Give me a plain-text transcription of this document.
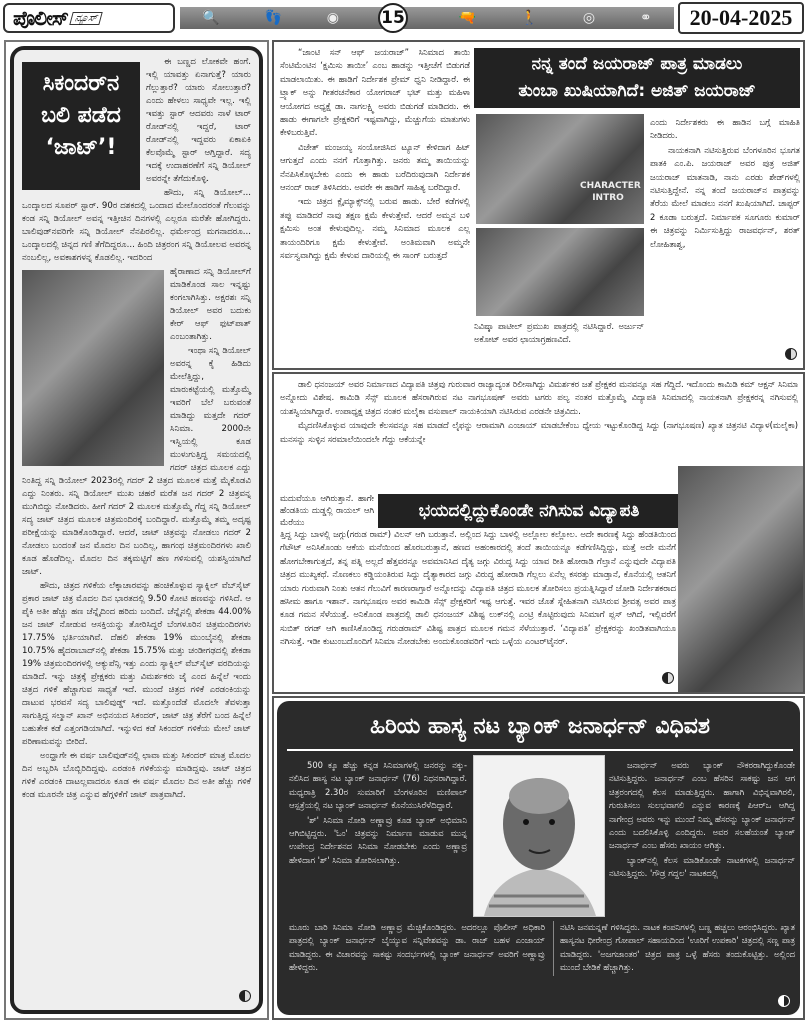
ಪೊಲೀಸ್ ನ್ಯೂಸ್	🔍	👣	◉	🔫	🚶	◎	⚭
15	20-04-2025
ಸಿಕಂದರ್‌ನ
ಬಲಿ ಪಡೆದ
‘ಜಾಟ್’!

ಈ ಬಣ್ಣದ ಲೋಕವೇ ಹಂಗೆ. ಇಲ್ಲಿ ಯಾವತ್ತು ಏನಾಗುತ್ತೆ? ಯಾರು ಗೆಲ್ಲುತ್ತಾರೆ? ಯಾರು ಸೋಲುತ್ತಾರೆ? ಎಂದು ಹೇಳಲು ಸಾಧ್ಯವೇ ಇಲ್ಲ. ಇಲ್ಲಿ ಇವತ್ತು ಸ್ಟಾರ್ ಆದವರು ನಾಳೆ ಟಾರ್ ರೋಡ್‌ನಲ್ಲಿ ಇದ್ದರೆ, ಟಾರ್ ರೋಡ್‌ನಲ್ಲಿ ಇದ್ದವರು ಏಕಾಏಕಿ ಕೆಲವೊಮ್ಮೆ ಸ್ಟಾರ್ ಆಗ್ತಿದ್ದಾರೆ. ಸದ್ಯ ಇದಕ್ಕೆ ಉದಾಹರಣೆಗೆ ಸನ್ನಿ ಡಿಯೋಲ್ ಅವರನ್ನೇ ತೆಗೆದುಕೊಳ್ಳಿ.

ಹೌದು, ಸನ್ನಿ ಡಿಯೋಲ್... ಒಂದ್ಕಾಲದ ಸೂಪರ್ ಸ್ಟಾರ್. 90ರ ದಶಕದಲ್ಲಿ ಒಂದಾದ ಮೇಲೊಂದರಂತೆ ಗೆಲುವನ್ನು ಕಂಡ ಸನ್ನಿ ಡಿಯೋಲ್ ಅವನ್ನ ಇತ್ತೀಚಿನ ದಿನಗಳಲ್ಲಿ ಎಲ್ಲರೂ ಮರೆತೇ ಹೋಗಿದ್ದರು. ಬಾಲಿವುಡ್‌ನವರಿಗೇ ಸನ್ನಿ ಡಿಯೋಲ್ ನೆನಪಿರಲಿಲ್ಲ. ಧರ್ಮೇಂದ್ರ ಮಗನಾದರೂ... ಒಂದ್ಕಾಲದಲ್ಲಿ ಚಿನ್ನದ ಗಣಿ ತೆಗೆದಿದ್ದರೂ... ಹಿಂದಿ ಚಿತ್ರರಂಗ ಸನ್ನಿ ಡಿಯೋಲವ ಅವರನ್ನ ನಂಬಲಿಲ್ಲ, ಅವಕಾಶಗಳನ್ನ ಕೊಡಲಿಲ್ಲ. ಇದರಿಂದ

ಹೈರಾಣಾದ ಸನ್ನಿ ಡಿಯೋಲ್‌ಗೆ ಮಾಡಿಕೊಂಡ ಸಾಲ ಇನ್ನಷ್ಟು ಕಂಗಲಾಗಿಸಿತ್ತು. ಅಕ್ಷರಶಃ ಸನ್ನಿ ಡಿಯೋಲ್ ಅವರ ಬದುಕು ಕೇರ್ ಆಫ್ ಫುಟ್‌ಪಾತ್ ಎಂಬಂತಾಗಿತ್ತು.

ಇಂಥಾ ಸನ್ನಿ ಡಿಯೋಲ್ ಅವರನ್ನ ಕೈ ಹಿಡಿದು ಮೇಲೆತ್ತಿದ್ದು, ಮಾರುಕಟ್ಟೆಯಲ್ಲಿ ಮತ್ತೊಮ್ಮೆ ಇವರಿಗೆ ಬೆಲೆ ಬರುವಂತೆ ಮಾಡಿದ್ದು ಮತ್ತದೇ ಗದರ್ ಸಿನಿಮಾ. 2000ನೇ ಇಸ್ವಿಯಲ್ಲಿ ಕೂಡ ಮುಳುಗುತ್ತಿದ್ದ ಸಮಯದಲ್ಲಿ ಗದರ್ ಚಿತ್ರದ ಮೂಲಕ ಎದ್ದು ನಿಂತಿದ್ದ ಸನ್ನಿ ಡಿಯೋಲ್ 2023ರಲ್ಲಿ ಗದರ್ 2 ಚಿತ್ರದ ಮೂಲಕ ಮತ್ತೆ ಮೈಕೊಡವಿ ಎದ್ದು ನಿಂತರು. ಸನ್ನಿ ಡಿಯೋಲ್ ಮುಖ ಚಹರೆ ಮರೆತ ಜನ ಗದರ್ 2 ಚಿತ್ರವನ್ನ ಮುಗಿಬಿದ್ದು ನೋಡಿದರು. ಹೀಗೆ ಗದರ್ 2 ಮೂಲಕ ಮತ್ತೊಮ್ಮೆ ಗೆದ್ದ ಸನ್ನಿ ಡಿಯೋಲ್ ಸದ್ಯ ಜಾಟ್ ಚಿತ್ರದ ಮೂಲಕ ಚಿತ್ರಮಂದಿರಕ್ಕೆ ಬಂದಿದ್ದಾರೆ. ಮತ್ತೊಮ್ಮೆ ತಮ್ಮ ಅದೃಷ್ಟ ಪರೀಕ್ಷೆಯನ್ನು ಮಾಡಿಕೊಂಡಿದ್ದಾರೆ. ಆದರೆ, ಜಾಟ್ ಚಿತ್ರವನ್ನು ನೋಡಲು ಗದರ್ 2 ನೋಡಲು ಬಂದಂತೆ ಜನ ಮೊದಲ ದಿನ ಬಂದಿಲ್ಲ, ಹಾಗಂಥ ಚಿತ್ರಮಂದಿರಗಳು ಖಾಲಿ ಕೂಡ ಹೊಡೆದಿಲ್ಲ. ಮೊದಲ ದಿನ ತಕ್ಕಮಟ್ಟಿಗೆ ಹಣ ಗಳಿಸುವಲ್ಲಿ ಯಶಸ್ವಿಯಾಗಿದೆ ಜಾಟ್.

ಹೌದು, ಚಿತ್ರದ ಗಳಿಕೆಯ ಲೆಕ್ಕಾಚಾರವನ್ನು ಹಂಚಿಕೊಳ್ಳುವ ಸ್ಯಾಕ್ನಿಲ್ ವೆಬ್‌ಸೈಟ್ ಪ್ರಕಾರ ಜಾಟ್ ಚಿತ್ರ ಮೊದಲ ದಿನ ಭಾರತದಲ್ಲಿ 9.50 ಕೋಟಿ ಹಣವನ್ನು ಗಳಿಸಿದೆ. ಆ ಪೈಕಿ ಅತೀ ಹೆಚ್ಚು ಹಣ ಚೆನ್ನೈದಿಂದ ಹರಿದು ಬಂದಿದೆ. ಚೆನ್ನೈನಲ್ಲಿ ಶೇಕಡಾ 44.00% ಜನ ಜಾಟ್ ನೋಡುವ ಆಸಕ್ತಿಯನ್ನು ತೋರಿಸಿದ್ದರೆ ಬೆಂಗಳೂರಿನ ಚಿತ್ರಮಂದಿರಗಳು 17.75% ಭರ್ತಿಯಾಗಿವೆ. ದೆಹಲಿ ಶೇಕಡಾ 19% ಮುಂಬೈನಲ್ಲಿ ಶೇಕಡಾ 10.75% ಹೈದರಾಬಾದ್‌ನಲ್ಲಿ ಶೇಕಡಾ 15.75% ಮತ್ತು ಚಂಡೀಗಢದಲ್ಲಿ ಶೇಕಡಾ 19% ಚಿತ್ರಮಂದಿರಗಳಲ್ಲಿ ಆಕ್ಯುಪೆನ್ಸಿ ಇತ್ತು ಎಂದು ಸ್ಯಾಕ್ನಿಲ್ ವೆಬ್‌ಸೈಟ್ ವರದಿಯನ್ನು ಮಾಡಿದೆ. ಇನ್ನು ಚಿತ್ರಕ್ಕೆ ಪ್ರೇಕ್ಷಕರು ಮತ್ತು ವಿಮರ್ಶಕರು ಜೈ ಎಂದ ಹಿನ್ನೆಲೆ ಇಂದು ಚಿತ್ರದ ಗಳಿಕೆ ಹೆಚ್ಚಾಗುವ ಸಾಧ್ಯತೆ ಇದೆ. ಮುಂದೆ ಚಿತ್ರದ ಗಳಿಕೆ ಎರಡಂಕಿಯನ್ನು ದಾಟುವ ಭರವಸೆ ಸದ್ಯ ಬಾಲಿವುಡ್ಡ್ ಇದೆ. ಮತ್ತೊಂದೆಡೆ ಮೊದಲೇ ತೆವಳುತ್ತಾ ಸಾಗುತ್ತಿದ್ದ ಸಲ್ಮಾನ್ ಖಾನ್ ಅಭಿನಯದ ಸಿಕಂದರ್, ಜಾಟ್ ಚಿತ್ರ ತೆರೆಗೆ ಬಂದ ಹಿನ್ನೆಲೆ ಬಹುತೇಕ ಕಡೆ ಎತ್ತಂಗಡಿಯಾಗಿದೆ. ಇನ್ನುಳಿದ ಕಡೆ ಸಿಕಂದರ್ ಗಳಿಕೆಯ ಮೇಲೆ ಜಾಟ್ ಪರಿಣಾಮವನ್ನು ಬೀರಿದೆ.

ಅಂದ್ಹಾಗೇ ಈ ವರ್ಷ ಬಾಲಿವುಡ್‌ನಲ್ಲಿ ಛಾವಾ ಮತ್ತು ಸಿಕಂದರ್ ಮಾತ್ರ ಮೊದಲ ದಿನ ಅಬ್ಬರಿಸಿ ಬೊಬ್ಬಿರಿದಿದ್ದವು. ಎರಡಂಕಿ ಗಳಿಕೆಯನ್ನು ಮಾಡಿದ್ದವು. ಜಾಟ್ ಚಿತ್ರದ ಗಳಿಕೆ ಎರಡಂಕಿ ದಾಟಲ್ಲವಾದರೂ ಕೂಡ ಈ ವರ್ಷ ಮೊದಲ ದಿನ ಅತೀ ಹೆಚ್ಚು ಗಳಿಕೆ ಕಂಡ ಮೂರನೇ ಚಿತ್ರ ಎನ್ನುವ ಹೆಗ್ಗಳಿಕೆಗೆ ಜಾಟ್ ಪಾತ್ರವಾಗಿದೆ.

“ಜಾಂಟಿ ಸನ್ ಆಫ್ ಜಯರಾಜ್” ಸಿನಿಮಾದ ತಾಯಿ ಸೆಂಟಿಮೆಂಟಿನ ‘ಕ್ಷಮಿಸು ತಾಯೀ’ ಎಂಬ ಹಾಡನ್ನು ಇತ್ತೀಚೆಗೆ ಬಿಡುಗಡೆ ಮಾಡಲಾಯಿತು. ಈ ಹಾಡಿಗೆ ನಿರ್ದೇಶಕ ಪ್ರೇಮ್ ಧ್ವನಿ ನೀಡಿದ್ದಾರೆ. ಈ ಟ್ರ್ಯಾಕ್ ಅನ್ನು ಗೀತರಚನೆಕಾರ ಯೋಗರಾಜ್ ಭಟ್ ಮತ್ತು ಮಹಿಳಾ ಆಯೋಗದ ಅಧ್ಯಕ್ಷೆ ಡಾ. ನಾಗಲಕ್ಷ್ಮಿ ಅವರು ಬಿಡುಗಡೆ ಮಾಡಿದರು. ಈ ಹಾಡು ಈಗಾಗಲೇ ಪ್ರೇಕ್ಷಕರಿಗೆ ಇಷ್ಟವಾಗಿದ್ದು, ಮೆಚ್ಚುಗೆಯ ಮಾತುಗಳು ಕೇಳಿಬರುತ್ತಿವೆ.

ವಿಜೇತ್ ಮಂಜಯ್ಯ ಸಂಯೋಜಿಸಿದ ಟ್ಯೂನ್ ಕೇಳಿದಾಗ ಹಿಟ್ ಆಗುತ್ತದೆ ಎಂದು ನನಗೆ ಗೊತ್ತಾಗಿತ್ತು. ಜನರು ತಮ್ಮ ತಾಯಿಯನ್ನು ನೆನಪಿಸಿಕೊಳ್ಳಬೇಕು ಎಂದು ಈ ಹಾಡು ಬರೆದಿರುವುದಾಗಿ ನಿರ್ದೇಶಕ ಆನಂದ್ ರಾಜ್ ತಿಳಿಸಿದರು. ಅವರೇ ಈ ಹಾಡಿಗೆ ಸಾಹಿತ್ಯ ಬರೆದಿದ್ದಾರೆ.

ಇದು ಚಿತ್ರದ ಕ್ಲೈಮ್ಯಾಕ್ಸ್‌ನಲ್ಲಿ ಬರುವ ಹಾಡು. ಬೇರೆ ಕಡೆಗಳಲ್ಲಿ ತಪ್ಪು ಮಾಡಿದರೆ ನಾವು ತಕ್ಷಣ ಕ್ಷಮೆ ಕೇಳುತ್ತೇವೆ. ಆದರೆ ಅಮ್ಮನ ಬಳಿ ಕ್ಷಮಿಸು ಅಂತ ಕೇಳುವುದಿಲ್ಲ. ನಮ್ಮ ಸಿನಿಮಾದ ಮೂಲಕ ಎಲ್ಲ ತಾಯಂದಿರಿಗೂ ಕ್ಷಮೆ ಕೇಳುತ್ತೇವೆ. ಅಂತಿಮವಾಗಿ ಅಮ್ಮನೇ ಸರ್ವಸ್ವವಾಗಿದ್ದು ಕ್ಷಮೆ ಕೇಳುವ ದಾರಿಯಲ್ಲಿ ಈ ಸಾಂಗ್ ಬರುತ್ತದೆ

ನನ್ನ ತಂದೆ ಜಯರಾಜ್ ಪಾತ್ರ ಮಾಡಲು
ತುಂಬಾ ಖುಷಿಯಾಗಿದೆ: ಅಜಿತ್ ಜಯರಾಜ್
CHARACTER INTRO

ಎಂದು ನಿರ್ದೇಶಕರು ಈ ಹಾಡಿನ ಬಗ್ಗೆ ಮಾಹಿತಿ ನೀಡಿದರು.

ನಾಯಕನಾಗಿ ನಟಿಸುತ್ತಿರುವ ಬೆಂಗಳೂರಿನ ಭೂಗತ ಪಾತಕಿ ಎಂ.ಪಿ. ಜಯರಾಜ್ ಅವರ ಪುತ್ರ ಅಜಿತ್ ಜಯರಾಜ್ ಮಾತನಾಡಿ, ನಾನು ಎರಡು ಶೇಡ್‌ಗಳಲ್ಲಿ ನಟಿಸುತ್ತಿದ್ದೇನೆ. ನನ್ನ ತಂದೆ ಜಯರಾಜ್‌ನ ಪಾತ್ರವನ್ನು ತೆರೆಯ ಮೇಲೆ ಮಾಡಲು ನನಗೆ ಖುಷಿಯಾಗಿದೆ. ಚಾಪ್ಟರ್ 2 ಕೂಡಾ ಬರುತ್ತದೆ. ನಿರ್ಮಾಪಕ ಸೂಗೂರು ಕುಮಾರ್ ಈ ಚಿತ್ರವನ್ನು ನಿರ್ಮಿಸುತ್ತಿದ್ದು ರಾಜವರ್ಧನ್, ಶರತ್ ಲೋಹಿತಾಶ್ವ,

ನಿವಿಷ್ಕಾ ಪಾಟೀಲ್ ಪ್ರಮುಖ ಪಾತ್ರದಲ್ಲಿ ನಟಿಸಿದ್ದಾರೆ. ಅರ್ಜುನ್ ಅಕೋಟ್ ಅವರ ಛಾಯಾಗ್ರಹಣವಿದೆ.

ಡಾಲಿ ಧನಂಜಯ್ ಅವರ ನಿರ್ಮಾಣದ ವಿದ್ಯಾಪತಿ ಚಿತ್ರವು ಗುರುವಾರ ರಾಜ್ಯಾದ್ಯಂತ ರಿಲೀಸಾಗಿದ್ದು ವಿಮರ್ಶಕರ ಜತೆ ಪ್ರೇಕ್ಷಕರ ಮನವನ್ನೂ ಸಹ ಗೆದ್ದಿದೆ. ಇದೊಂದು ಕಾಮಿಡಿ ಕಮ್ ಆಕ್ಷನ್ ಸಿನಿಮಾ ಅನ್ನೋದು ವಿಶೇಷ. ಕಾಮಿಡಿ ಸೆನ್ಸ್ ಮೂಲಕ ಹೆಸರಾಗಿರುವ ನಟ ನಾಗಭೂಷಣ್ ಅವರು ಟಗರು ಪಲ್ಯ ನಂತರ ಮತ್ತೊಮ್ಮೆ ವಿದ್ಯಾಪತಿ ಸಿನಿಮಾದಲ್ಲಿ ನಾಯಕನಾಗಿ ಪ್ರೇಕ್ಷಕರನ್ನ ನಗಿಸುವಲ್ಲಿ ಯಶಸ್ವಿಯಾಗಿದ್ದಾರೆ. ಉಪಾಧ್ಯಕ್ಷ ಚಿತ್ರದ ನಂತರ ಮಲೈಕಾ ವಸುಪಾಲ್ ನಾಯಕಿಯಾಗಿ ನಟಿಸಿರುವ ಎರಡನೇ ಚಿತ್ರವಿದು.

ಮೈದಣಿಸಿಕೊಳ್ಳುವ ಯಾವುದೇ ಕೆಲಸವನ್ನೂ ಸಹ ಮಾಡದೆ ಲೈಫನ್ನು ಆರಾಮಾಗಿ ಎಂಜಾಯ್ ಮಾಡಬೇಕೆಂಬ ಧ್ಯೇಯ ಇಟ್ಟುಕೊಂಡಿದ್ದ ಸಿದ್ದು (ನಾಗಭೂಷಣ) ಖ್ಯಾತ ಚಿತ್ರನಟಿ ವಿದ್ಯಾಳ(ಮಲೈಕಾ) ಮನಸನ್ನು ಸುಳ್ಳಿನ ಸರಮಾಲೆಯಿಂದಲೇ ಗೆದ್ದು ಆಕೆಯನ್ನೇ

ಮದುವೆಯೂ ಆಗಿರುತ್ತಾನೆ. ಹಾಗೇ ಹೆಂಡತಿಯ ದುಡ್ಡಲ್ಲಿ ರಾಯಲ್ ಆಗಿ ಮೆರೆಯು

ಭಯದಲ್ಲಿದ್ದುಕೊಂಡೇ ನಗಿಸುವ ವಿದ್ಯಾಪತಿ

ತ್ತಿದ್ದ ಸಿದ್ದು ಬಾಳಲ್ಲಿ ಜಗ್ಗು(ಗರುಡ ರಾಮ್) ವಿಲನ್ ಆಗಿ ಬರುತ್ತಾನೆ. ಅಲ್ಲಿಂದ ಸಿದ್ದು ಬಾಳಲ್ಲಿ ಅಲ್ಲೋಲ ಕಲ್ಲೋಲ. ಅದೇ ಕಾರಣಕ್ಕೆ ಸಿದ್ದು ಹೆಂಡತಿಯಿಂದ ಗೆಟೌಟ್ ಅನಿಸಿಕೊಂಡು ಆಕೆಯ ಮನೆಯಿಂದ ಹೊರಬರುತ್ತಾನೆ, ಹಣದ ಅಹಂಕಾರದಲ್ಲಿ ತಂದೆ ತಾಯಿಯನ್ನೂ ಕಡೆಗಣಿಸಿದ್ದಿದ್ದು, ಮತ್ತೆ ಅದೇ ಮನೆಗೆ ಹೋಗಬೇಕಾಗುತ್ತದೆ, ತನ್ನ ಪತ್ನಿ ಅಲ್ಲದೆ ಹೆತ್ತವರನ್ನೂ ಅವಮಾನಿಸಿದ ದೈತ್ಯ ಜಗ್ಗು ವಿರುದ್ಧ ಸಿದ್ದು ಯಾವ ರೀತಿ ಹೋರಾಡಿ ಗೆಲ್ತಾನೆ ಎನ್ನುವುದೇ ವಿದ್ಯಾಪತಿ ಚಿತ್ರದ ಮುಖ್ಯಕಥೆ. ನೊಣಕಲು ಕಡ್ಡಿಯಂತಿರುವ ಸಿದ್ದು ದೈತ್ಯಾಕಾರದ ಜಗ್ಗು ವಿರುದ್ಧ ಹೋರಾಡಿ ಗೆಲ್ಲಲು ಏನೆಲ್ಲ ಕಸರತ್ತು ಮಾಡ್ತಾನೆ, ಕೊನೆಯಲ್ಲಿ ಆತನಿಗೆ ಯಾರು ಗುರುವಾಗಿ ನಿಂತು ಆತನ ಗೆಲುವಿಗೆ ಕಾರಣರಾಗ್ತಾರೆ ಅನ್ನೋದನ್ನು ವಿದ್ಯಾಪತಿ ಚಿತ್ರದ ಮೂಲಕ ತೋರಿಸಲು ಪ್ರಯತ್ನಿಸಿದ್ದಾರೆ ಜೋಡಿ ನಿರ್ದೇಶಕರಾದ ಹಸೀಮ ಹಾಗೂ ಇಶಾನ್. ನಾಗಭೂಷಣ ಅವರ ಕಾಮಿಡಿ ಸೆನ್ಸ್ ಪ್ರೇಕ್ಷಕರಿಗೆ ಇಷ್ಟ ಆಗುತ್ತೆ. ಇವರ ಜೊತೆ ಸ್ನೇಹಿತನಾಗಿ ನಟಿಸಿರುವ ಶ್ರೀವತ್ಸ ಅವರ ಪಾತ್ರ ಕೂಡ ಗಮನ ಸೆಳೆಯುತ್ತೆ. ಅನಿಕೊಂಡ ಪಾತ್ರದಲ್ಲಿ ಡಾಲಿ ಧನಂಜಯ್ ವಿಶಿಷ್ಟ ಲುಕ್‌ನಲ್ಲಿ ಎಂಟ್ರಿ ಕೊಟ್ಟಿರುವುದು ಸಿನಿಮಾಗೆ ಪ್ಲಸ್ ಆಗಿದೆ, ಇಲ್ಲಿವರೆಗೆ ಸುಬಿತ್ ರಗಡ್ ಆಗಿ ಕಾಣಿಸಿಕೊಂಡಿದ್ದ ಗರುಡರಾಮ್ ವಿಶಿಷ್ಟ ಪಾತ್ರದ ಮೂಲಕ ಗಮನ ಸೆಳೆಯುತ್ತಾರೆ. ‘ವಿದ್ಯಾಪತಿ’ ಪ್ರೇಕ್ಷಕರನ್ನು ಖಂಡಿತವಾಗಿಯೂ ನಗಿಸುತ್ತೆ. ಇಡೀ ಕುಟುಂಬದೊಂದಿಗೆ ಸಿನಿಮಾ ನೋಡಬೇಕು ಅಂದುಕೊಂಡವರಿಗೆ ಇದು ಒಳ್ಳೆಯ ಎಂಟರ್‌ಟೈನರ್.

ಹಿರಿಯ ಹಾಸ್ಯ ನಟ ಬ್ಯಾಂಕ್ ಜನಾರ್ಧನ್ ವಿಧಿವಶ

500 ಕ್ಕೂ ಹೆಚ್ಚು ಕನ್ನಡ ಸಿನಿಮಾಗಳಲ್ಲಿ ಜನರನ್ನು ನಕ್ಕು-ನಲಿಸಿದ ಹಾಸ್ಯ ನಟ ಬ್ಯಾಂಕ್ ಜನಾರ್ಧನ್ (76) ನಿಧನರಾಗಿದ್ದಾರೆ. ಮಧ್ಯರಾತ್ರಿ 2.30ರ ಸುಮಾರಿಗೆ ಬೆಂಗಳೂರಿನ ಮಣಿಪಾಲ್ ಆಸ್ಪತ್ರೆಯಲ್ಲಿ ನಟ ಬ್ಯಾಂಕ್ ಜನಾರ್ಧನ್ ಕೊನೆಯುಸಿರೆಳೆದಿದ್ದಾರೆ.

'ಶ್' ಸಿನಿಮಾ ನೋಡಿ ಅಣ್ಣಾವ್ರು ಕೂಡ ಬ್ಯಾಂಕ್ ಅಭಿಮಾನಿ ಆಗಿಬಿಟ್ಟಿದ್ದರು. 'ಓಂ' ಚಿತ್ರವನ್ನು ನಿರ್ಮಾಣ ಮಾಡುವ ಮುನ್ನ ಉಪೇಂದ್ರ ನಿರ್ದೇಶನದ ಸಿನಿಮಾ ನೋಡಬೇಕು ಎಂದು ಅಣ್ಣಾವ್ರ ಹೇಳಿದಾಗ 'ಶ್' ಸಿನಿಮಾ ತೋರಿಸಲಾಗಿತ್ತು.

ಜನಾರ್ಧನ್ ಅವರು ಬ್ಯಾಂಕ್ ನೌಕರರಾಗಿದ್ದುಕೊಂಡೇ ನಟಿಸುತ್ತಿದ್ದರು. ಜನಾರ್ಧನ್ ಎಂಬ ಹೆಸರಿನ ಸಾಕಷ್ಟು ಜನ ಆಗ ಚಿತ್ರರಂಗದಲ್ಲಿ ಕೆಲಸ ಮಾಡುತ್ತಿದ್ದರು. ಹಾಗಾಗಿ ವಿಭಿನ್ನವಾಗಿರಲಿ, ಗುರುತಿಸಲು ಸುಲಭವಾಗಲಿ ಎನ್ನುವ ಕಾರಣಕ್ಕೆ ಪಿಆರ್‌ಒ ಆಗಿದ್ದ ನಾಗೇಂದ್ರ ಅವರು ಇನ್ನು ಮುಂದೆ ನಿಮ್ಮ ಹೆಸರನ್ನು ಬ್ಯಾಂಕ್ ಜನಾರ್ಧನ್ ಎಂದು ಬದಲಿಸಿಕೊಳ್ಳಿ ಎಂದಿದ್ದರು. ಅವರ ಸಲಹೆಯಂತೆ ಬ್ಯಾಂಕ್ ಜನಾರ್ಧನ್ ಎಂಬ ಹೆಸರು ಖಾಯಂ ಆಗಿತ್ತು.

ಬ್ಯಾಂಕ್‌ನಲ್ಲಿ ಕೆಲಸ ಮಾಡಿಕೊಂಡೇ ನಾಟಕಗಳಲ್ಲಿ ಜನಾರ್ಧನ್ ನಟಿಸುತ್ತಿದ್ದರು. 'ಗೌಡ್ರ ಗದ್ದಲ' ನಾಟಕದಲ್ಲಿ

ಮೂರು ಬಾರಿ ಸಿನಿಮಾ ನೋಡಿ ಅಣ್ಣಾವ್ರ ಮೆಚ್ಚಿಕೊಂಡಿದ್ದರು. ಅದರಲ್ಲೂ ಪೊಲೀಸ್ ಅಧಿಕಾರಿ ಪಾತ್ರದಲ್ಲಿ ಬ್ಯಾಂಕ್ ಜನಾರ್ಧನ್ ಬೈಯ್ಯುವ ಸನ್ನಿವೇಶವನ್ನು ಡಾ. ರಾಜ್ ಬಹಳ ಎಂಜಾಯ್ ಮಾಡಿದ್ದರು. ಈ ವಿಚಾರವನ್ನು ಸಾಕಷ್ಟು ಸಂದರ್ಭಗಳಲ್ಲಿ ಬ್ಯಾಂಕ್ ಜನಾರ್ಧನ್ ಅವರಿಗೆ ಅಣ್ಣಾವ್ರು ಹೇಳಿದ್ದರು.

ನಟಿಸಿ ಜನಮನ್ನಣೆ ಗಳಿಸಿದ್ದರು. ನಾಟಕ ಕಂಪನಿಗಳಲ್ಲಿ ಬಣ್ಣ ಹಚ್ಚಲು ಆರಂಭಿಸಿದ್ದರು. ಖ್ಯಾತ ಹಾಸ್ಯನಟ ಧೀರೇಂದ್ರ ಗೋಪಾಲ್ ಸಹಾಯದಿಂದ 'ಊರಿಗೆ ಉಪಕಾರಿ' ಚಿತ್ರದಲ್ಲಿ ಸಣ್ಣ ಪಾತ್ರ ಮಾಡಿದ್ದರು. 'ಅಜಗಜಾಂತರ' ಚಿತ್ರದ ಪಾತ್ರ ಒಳ್ಳೆ ಹೆಸರು ತಂದುಕೊಟ್ಟಿತ್ತು. ಅಲ್ಲಿಂದ ಮುಂದೆ ಬೇಡಿಕೆ ಹೆಚ್ಚಾಗಿತ್ತು.
